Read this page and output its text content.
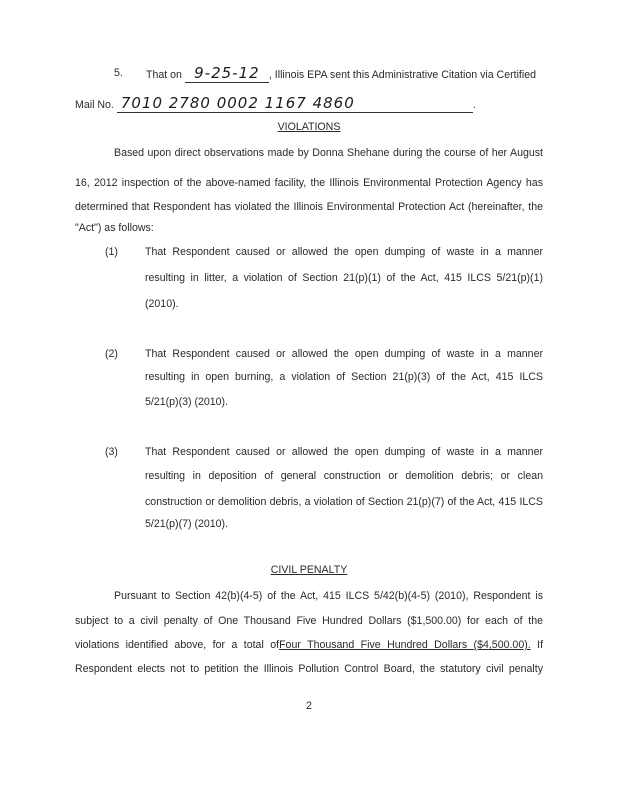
5. That on 9-25-12 , Illinois EPA sent this Administrative Citation via Certified
Mail No. 7010 2780 0002 1167 4860	.
VIOLATIONS
Based upon direct observations made by Donna Shehane during the course of her August
16, 2012 inspection of the above-named facility, the Illinois Environmental Protection Agency has
determined that Respondent has violated the Illinois Environmental Protection Act (hereinafter, the
"Act") as follows:
(1)	That Respondent caused or allowed the open dumping of waste in a manner
resulting in litter, a violation of Section 21(p)(1) of the Act, 415 ILCS 5/21(p)(1)
(2010).
(2)	That Respondent caused or allowed the open dumping of waste in a manner
resulting in open burning, a violation of Section 21(p)(3) of the Act, 415 ILCS
5/21(p)(3) (2010).
(3)	That Respondent caused or allowed the open dumping of waste in a manner
resulting in deposition of general construction or demolition debris; or clean
construction or demolition debris, a violation of Section 21(p)(7) of the Act, 415 ILCS
5/21(p)(7) (2010).
CIVIL PENALTY
Pursuant to Section 42(b)(4-5) of the Act, 415 ILCS 5/42(b)(4-5) (2010), Respondent is
subject to a civil penalty of One Thousand Five Hundred Dollars ($1,500.00) for each of the
violations identified above, for a total ofFour Thousand Five Hundred Dollars ($4,500.00). If
Respondent elects not to petition the Illinois Pollution Control Board, the statutory civil penalty
2
